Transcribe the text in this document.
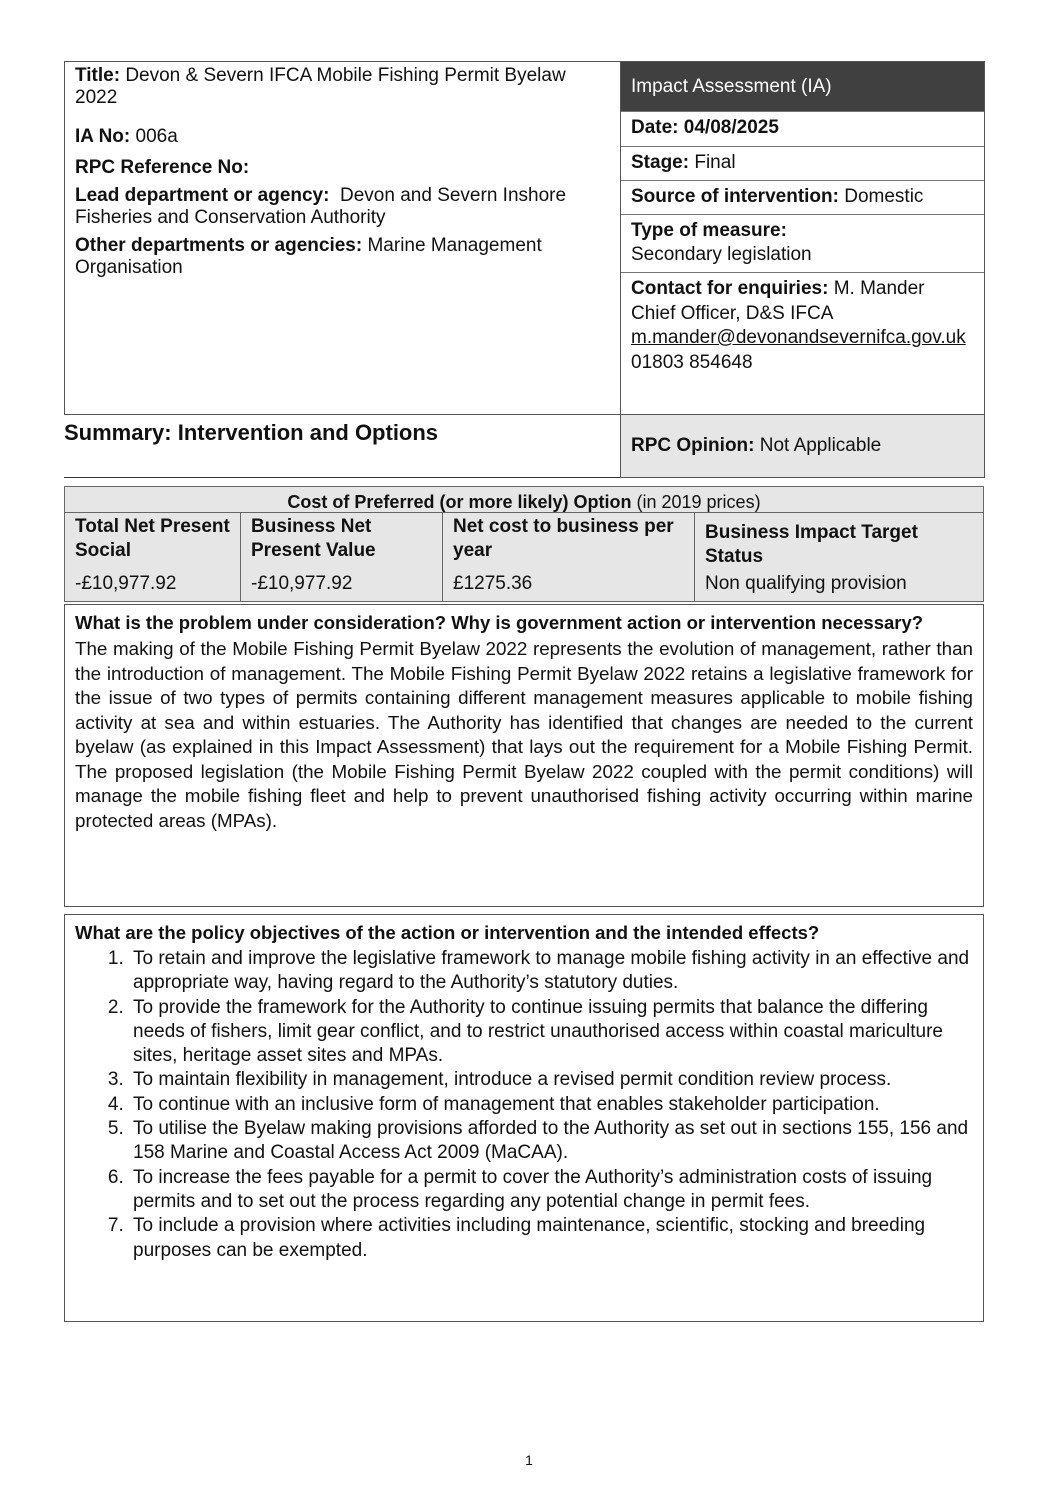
Title: Devon & Severn IFCA Mobile Fishing Permit Byelaw 2022

IA No: 006a

RPC Reference No:

Lead department or agency: Devon and Severn Inshore Fisheries and Conservation Authority

Other departments or agencies: Marine Management Organisation

Impact Assessment (IA)
Date: 04/08/2025
Stage: Final
Source of intervention: Domestic
Type of measure:
Secondary legislation
Contact for enquiries: M. Mander
Chief Officer, D&S IFCA
m.mander@devonandsevernifca.gov.uk
01803 854648
Summary: Intervention and Options
RPC Opinion: Not Applicable
Cost of Preferred (or more likely) Option (in 2019 prices)
Total Net Present Social
-£10,977.92
Business Net Present Value
-£10,977.92
Net cost to business per year
£1275.36
Business Impact Target Status
Non qualifying provision

What is the problem under consideration? Why is government action or intervention necessary?

The making of the Mobile Fishing Permit Byelaw 2022 represents the evolution of management, rather than the introduction of management. The Mobile Fishing Permit Byelaw 2022 retains a legislative framework for the issue of two types of permits containing different management measures applicable to mobile fishing activity at sea and within estuaries. The Authority has identified that changes are needed to the current byelaw (as explained in this Impact Assessment) that lays out the requirement for a Mobile Fishing Permit. The proposed legislation (the Mobile Fishing Permit Byelaw 2022 coupled with the permit conditions) will manage the mobile fishing fleet and help to prevent unauthorised fishing activity occurring within marine protected areas (MPAs).

What are the policy objectives of the action or intervention and the intended effects?

1. To retain and improve the legislative framework to manage mobile fishing activity in an effective and appropriate way, having regard to the Authority’s statutory duties.
2. To provide the framework for the Authority to continue issuing permits that balance the differing needs of fishers, limit gear conflict, and to restrict unauthorised access within coastal mariculture sites, heritage asset sites and MPAs.
3. To maintain flexibility in management, introduce a revised permit condition review process.
4. To continue with an inclusive form of management that enables stakeholder participation.
5. To utilise the Byelaw making provisions afforded to the Authority as set out in sections 155, 156 and 158 Marine and Coastal Access Act 2009 (MaCAA).
6. To increase the fees payable for a permit to cover the Authority’s administration costs of issuing permits and to set out the process regarding any potential change in permit fees.
7. To include a provision where activities including maintenance, scientific, stocking and breeding purposes can be exempted.
1
